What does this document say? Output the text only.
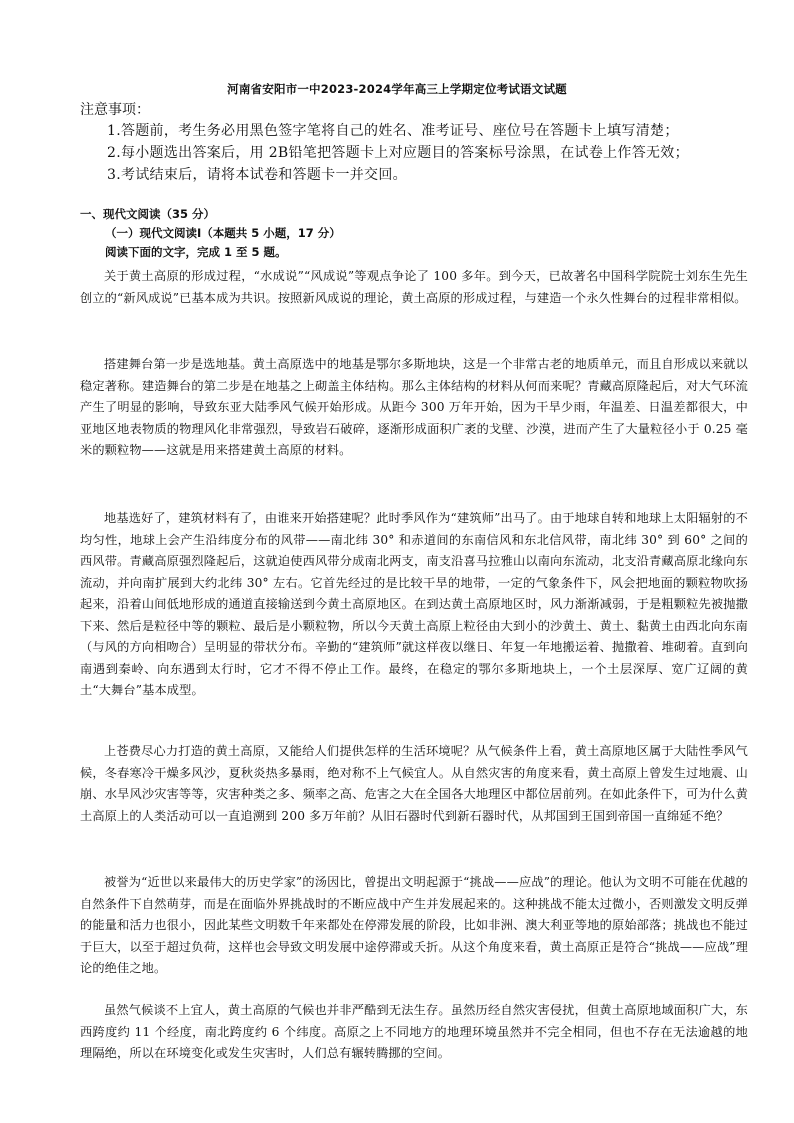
河南省安阳市一中2023-2024学年高三上学期定位考试语文试题
注意事项：
1.答题前，考生务必用黑色签字笔将自己的姓名、准考证号、座位号在答题卡上填写清楚；
2.每小题选出答案后，用 2B铅笔把答题卡上对应题目的答案标号涂黑，在试卷上作答无效；
3.考试结束后，请将本试卷和答题卡一并交回。
一、现代文阅读（35 分）
（一）现代文阅读Ⅰ（本题共 5 小题，17 分）
阅读下面的文字，完成 1 至 5 题。

关于黄土高原的形成过程，“水成说”“风成说”等观点争论了 100 多年。到今天，已故著名中国科学院院士刘东生先生创立的“新风成说”已基本成为共识。按照新风成说的理论，黄土高原的形成过程，与建造一个永久性舞台的过程非常相似。

搭建舞台第一步是选地基。黄土高原选中的地基是鄂尔多斯地块，这是一个非常古老的地质单元，而且自形成以来就以稳定著称。建造舞台的第二步是在地基之上砌盖主体结构。那么主体结构的材料从何而来呢？青藏高原隆起后，对大气环流产生了明显的影响，导致东亚大陆季风气候开始形成。从距今 300 万年开始，因为干旱少雨，年温差、日温差都很大，中亚地区地表物质的物理风化非常强烈，导致岩石破碎，逐渐形成面积广袤的戈壁、沙漠，进而产生了大量粒径小于 0.25 毫米的颗粒物——这就是用来搭建黄土高原的材料。

地基选好了，建筑材料有了，由谁来开始搭建呢？此时季风作为“建筑师”出马了。由于地球自转和地球上太阳辐射的不均匀性，地球上会产生沿纬度分布的风带——南北纬 30° 和赤道间的东南信风和东北信风带，南北纬 30° 到 60° 之间的西风带。青藏高原强烈隆起后，这就迫使西风带分成南北两支，南支沿喜马拉雅山以南向东流动，北支沿青藏高原北缘向东流动，并向南扩展到大约北纬 30° 左右。它首先经过的是比较干旱的地带，一定的气象条件下，风会把地面的颗粒物吹扬起来，沿着山间低地形成的通道直接输送到今黄土高原地区。在到达黄土高原地区时，风力渐渐减弱，于是粗颗粒先被抛撒下来、然后是粒径中等的颗粒、最后是小颗粒物，所以今天黄土高原上粒径由大到小的沙黄土、黄土、黏黄土由西北向东南（与风的方向相吻合）呈明显的带状分布。辛勤的“建筑师”就这样夜以继日、年复一年地搬运着、抛撒着、堆砌着。直到向南遇到秦岭、向东遇到太行时，它才不得不停止工作。最终，在稳定的鄂尔多斯地块上，一个土层深厚、宽广辽阔的黄土“大舞台”基本成型。

上苍费尽心力打造的黄土高原，又能给人们提供怎样的生活环境呢？从气候条件上看，黄土高原地区属于大陆性季风气候，冬春寒冷干燥多风沙，夏秋炎热多暴雨，绝对称不上气候宜人。从自然灾害的角度来看，黄土高原上曾发生过地震、山崩、水旱风沙灾害等等，灾害种类之多、频率之高、危害之大在全国各大地理区中都位居前列。在如此条件下，可为什么黄土高原上的人类活动可以一直追溯到 200 多万年前？从旧石器时代到新石器时代，从邦国到王国到帝国一直绵延不绝？

被誉为“近世以来最伟大的历史学家”的汤因比，曾提出文明起源于“挑战——应战”的理论。他认为文明不可能在优越的自然条件下自然萌芽，而是在面临外界挑战时的不断应战中产生并发展起来的。这种挑战不能太过微小，否则激发文明反弹的能量和活力也很小，因此某些文明数千年来都处在停滞发展的阶段，比如非洲、澳大利亚等地的原始部落；挑战也不能过于巨大，以至于超过负荷，这样也会导致文明发展中途停滞或夭折。从这个角度来看，黄土高原正是符合“挑战——应战”理论的绝佳之地。

虽然气候谈不上宜人，黄土高原的气候也并非严酷到无法生存。虽然历经自然灾害侵扰，但黄土高原地域面积广大，东西跨度约 11 个经度，南北跨度约 6 个纬度。高原之上不同地方的地理环境虽然并不完全相同，但也不存在无法逾越的地理隔绝，所以在环境变化或发生灾害时，人们总有辗转腾挪的空间。
